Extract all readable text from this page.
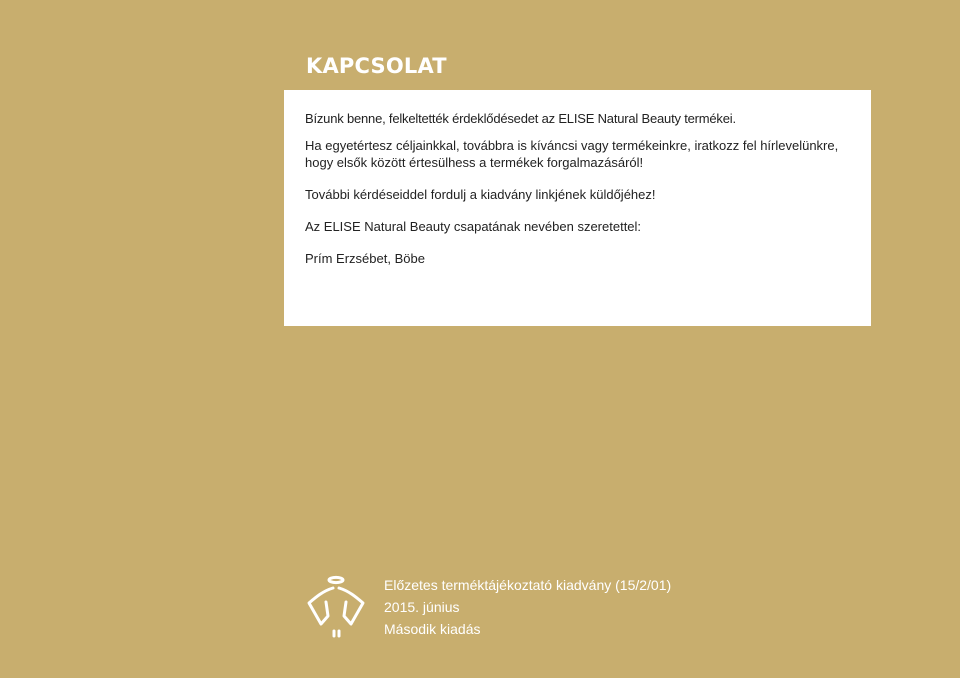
KAPCSOLAT

Bízunk benne, felkeltették érdeklődésedet az ELISE Natural Beauty termékei.

Ha egyetértesz céljainkkal, továbbra is kíváncsi vagy termékeinkre, iratkozz fel hírlevelünkre,
hogy elsők között értesülhess a termékek forgalmazásáról!

További kérdéseiddel fordulj a kiadvány linkjének küldőjéhez!

Az ELISE Natural Beauty csapatának nevében szeretettel:

Prím Erzsébet, Böbe

Előzetes terméktájékoztató kiadvány (15/2/01)
2015. június
Második kiadás
